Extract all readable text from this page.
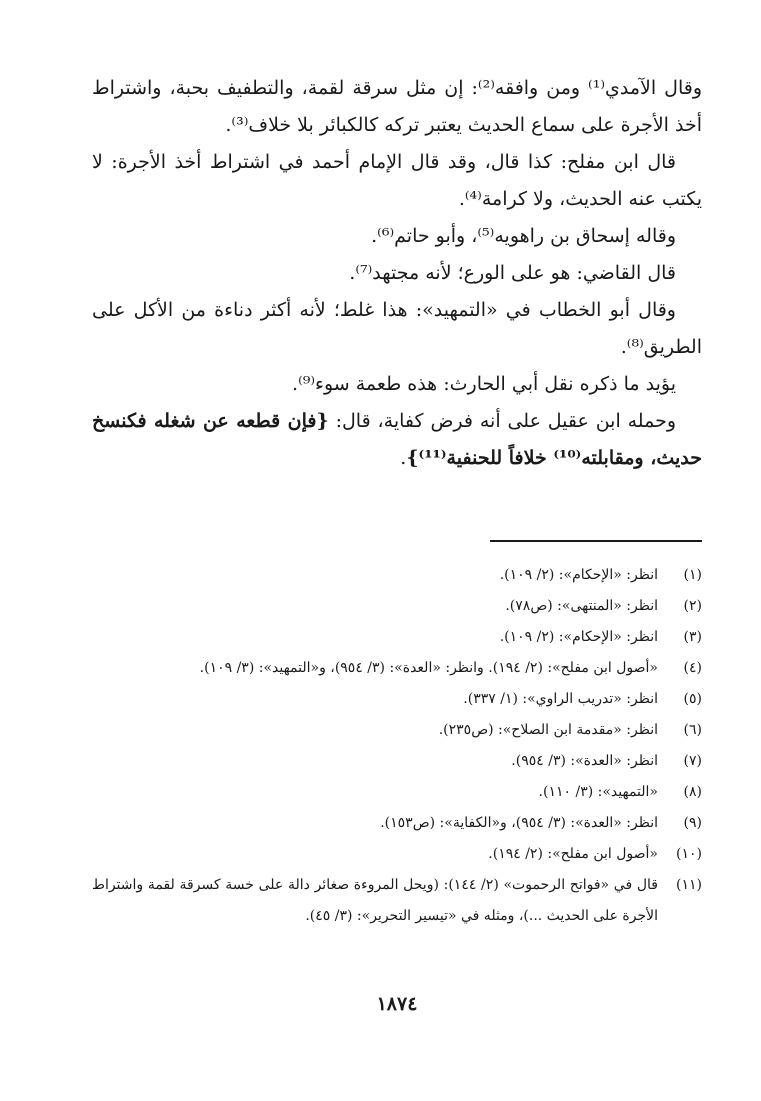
وقال الآمدي⁽¹⁾ ومن وافقه⁽²⁾: إن مثل سرقة لقمة، والتطفيف بحبة، واشتراط أخذ الأجرة على سماع الحديث يعتبر تركه كالكبائر بلا خلاف⁽³⁾.

قال ابن مفلح: كذا قال، وقد قال الإمام أحمد في اشتراط أخذ الأجرة: لا يكتب عنه الحديث، ولا كرامة⁽⁴⁾.

وقاله إسحاق بن راهويه⁽⁵⁾، وأبو حاتم⁽⁶⁾.

قال القاضي: هو على الورع؛ لأنه مجتهد⁽⁷⁾.

وقال أبو الخطاب في «التمهيد»: هذا غلط؛ لأنه أكثر دناءة من الأكل على الطريق⁽⁸⁾.

يؤيد ما ذكره نقل أبي الحارث: هذه طعمة سوء⁽⁹⁾.

وحمله ابن عقيل على أنه فرض كفاية، قال: {فإن قطعه عن شغله فكنسخ حديث، ومقابلته⁽¹⁰⁾ خلافاً للحنفية⁽¹¹⁾}.

(١)
انظر: «الإحكام»: (٢/ ١٠٩).
(٢)
انظر: «المنتهى»: (ص٧٨).
(٣)
انظر: «الإحكام»: (٢/ ١٠٩).
(٤)
«أصول ابن مفلح»: (٢/ ١٩٤). وانظر: «العدة»: (٣/ ٩٥٤)، و«التمهيد»: (٣/ ١٠٩).
(٥)
انظر: «تدريب الراوي»: (١/ ٣٣٧).
(٦)
انظر: «مقدمة ابن الصلاح»: (ص٢٣٥).
(٧)
انظر: «العدة»: (٣/ ٩٥٤).
(٨)
«التمهيد»: (٣/ ١١٠).
(٩)
انظر: «العدة»: (٣/ ٩٥٤)، و«الكفاية»: (ص١٥٣).
(١٠)
«أصول ابن مفلح»: (٢/ ١٩٤).
(١١)
قال في «فواتح الرحموت» (٢/ ١٤٤): (ويحل المروءة صغائر دالة على خسة كسرقة لقمة واشتراط الأجرة على الحديث ...)، ومثله في «تيسير التحرير»: (٣/ ٤٥).
١٨٧٤
